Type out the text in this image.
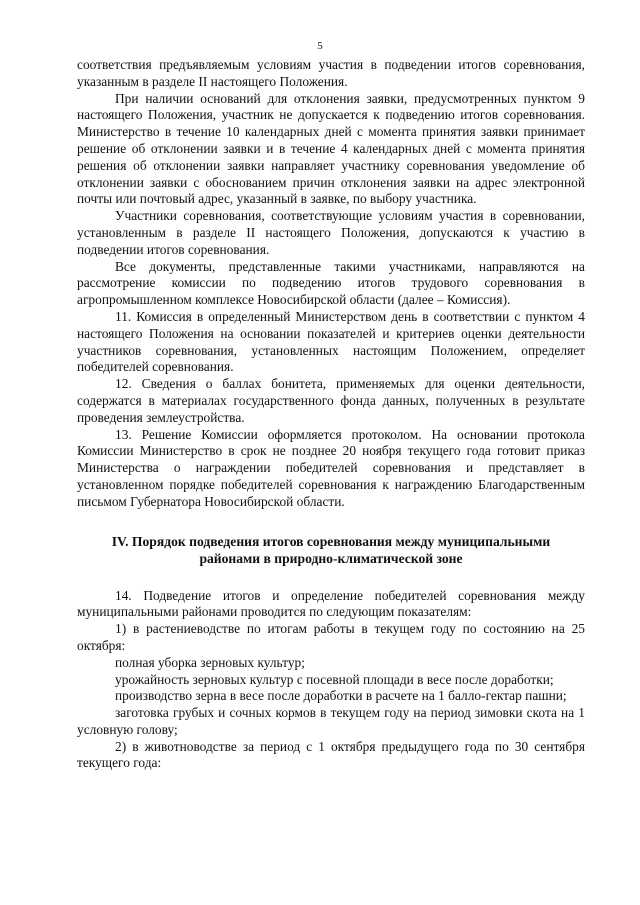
5

соответствия предъявляемым условиям участия в подведении итогов соревнования, указанным в разделе II настоящего Положения.

При наличии оснований для отклонения заявки, предусмотренных пунктом 9 настоящего Положения, участник не допускается к подведению итогов соревнования. Министерство в течение 10 календарных дней с момента принятия заявки принимает решение об отклонении заявки и в течение 4 календарных дней с момента принятия решения об отклонении заявки направляет участнику соревнования уведомление об отклонении заявки с обоснованием причин отклонения заявки на адрес электронной почты или почтовый адрес, указанный в заявке, по выбору участника.

Участники соревнования, соответствующие условиям участия в соревновании, установленным в разделе II настоящего Положения, допускаются к участию в подведении итогов соревнования.

Все документы, представленные такими участниками, направляются на рассмотрение комиссии по подведению итогов трудового соревнования в агропромышленном комплексе Новосибирской области (далее – Комиссия).

11. Комиссия в определенный Министерством день в соответствии с пунктом 4 настоящего Положения на основании показателей и критериев оценки деятельности участников соревнования, установленных настоящим Положением, определяет победителей соревнования.

12. Сведения о баллах бонитета, применяемых для оценки деятельности, содержатся в материалах государственного фонда данных, полученных в результате проведения землеустройства.

13. Решение Комиссии оформляется протоколом. На основании протокола Комиссии Министерство в срок не позднее 20 ноября текущего года готовит приказ Министерства о награждении победителей соревнования и представляет в установленном порядке победителей соревнования к награждению Благодарственным письмом Губернатора Новосибирской области.

IV. Порядок подведения итогов соревнования между муниципальными районами в природно-климатической зоне

14. Подведение итогов и определение победителей соревнования между муниципальными районами проводится по следующим показателям:

1) в растениеводстве по итогам работы в текущем году по состоянию на 25 октября:

полная уборка зерновых культур;

урожайность зерновых культур с посевной площади в весе после доработки;

производство зерна в весе после доработки в расчете на 1 балло-гектар пашни;

заготовка грубых и сочных кормов в текущем году на период зимовки скота на 1 условную голову;

2) в животноводстве за период с 1 октября предыдущего года по 30 сентября текущего года:
